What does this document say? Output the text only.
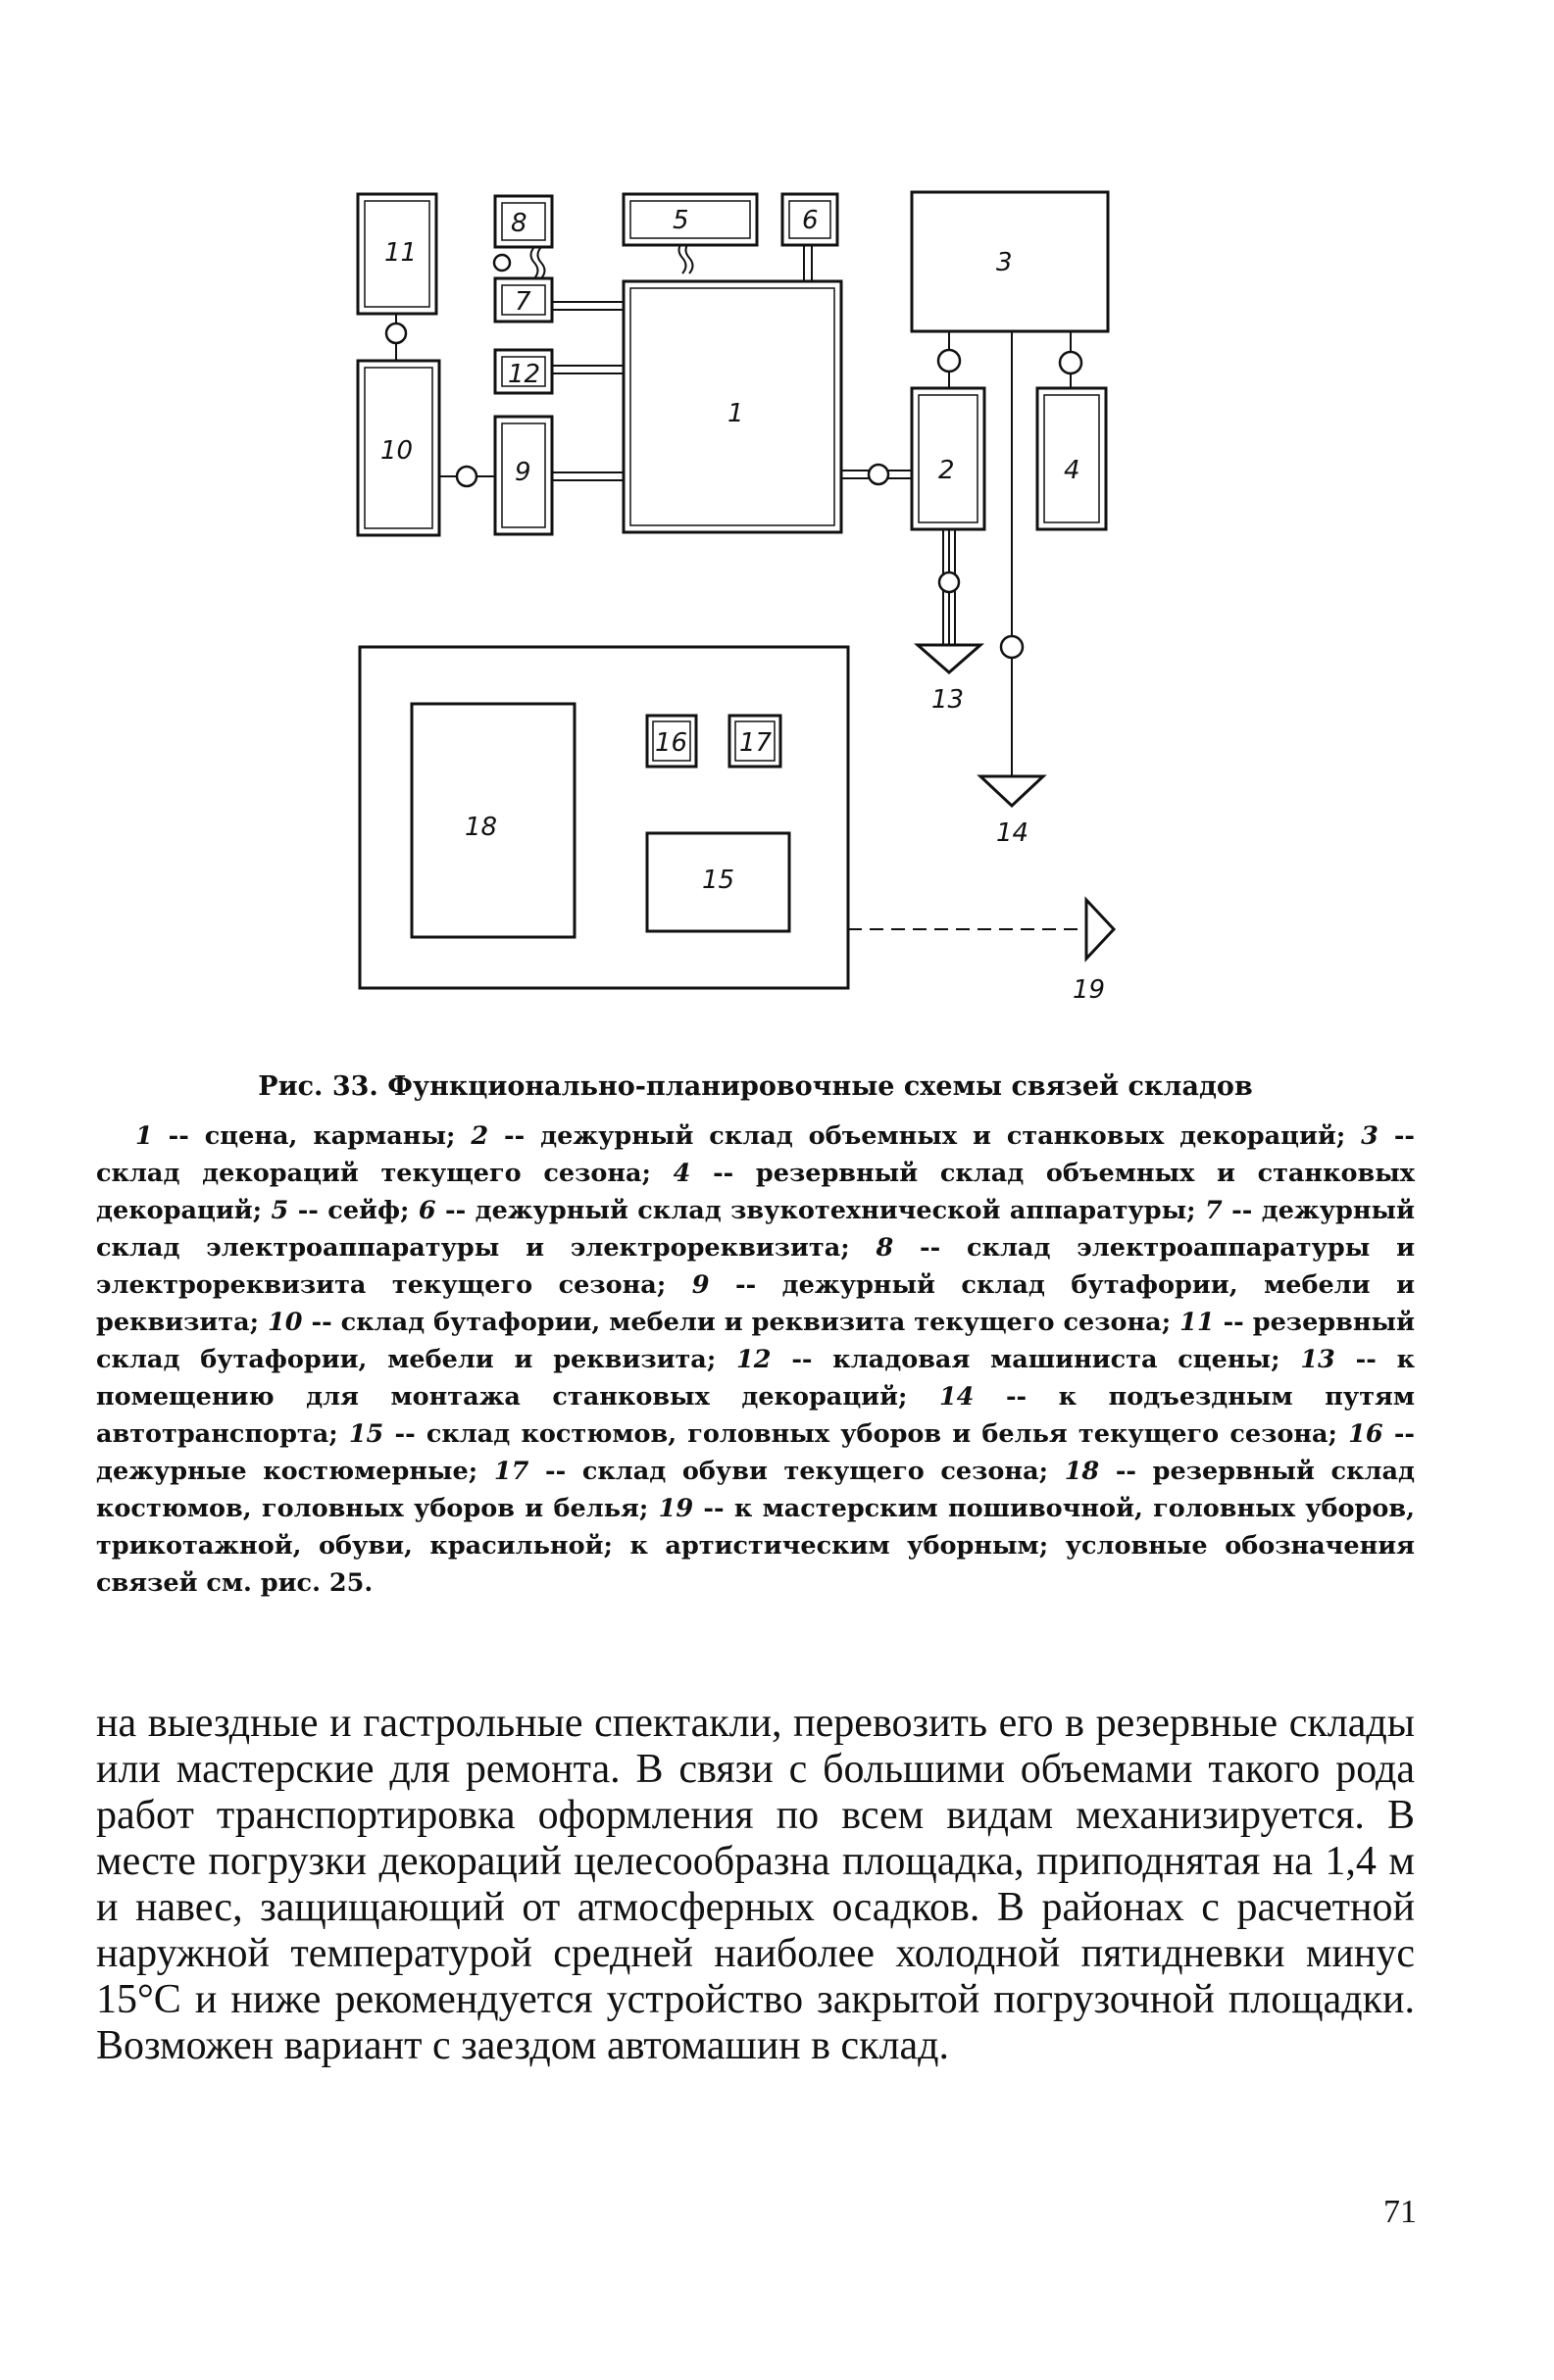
11
10
8
7
12
9
5	6
1
3
2	4
13
14
19
18
16 17
15
Рис. 33. Функционально-планировочные схемы связей складов
1 -- сцена, карманы; 2 -- дежурный склад объемных и станковых декораций; 3 -- склад декораций текущего сезона; 4 -- резервный склад объемных и станковых декораций; 5 -- сейф; 6 -- дежурный склад звукотехнической аппаратуры; 7 -- дежурный склад электроаппаратуры и электрореквизита; 8 -- склад электроаппаратуры и электрореквизита текущего сезона; 9 -- дежурный склад бутафории, мебели и реквизита; 10 -- склад бутафории, мебели и реквизита текущего сезона; 11 -- резервный склад бутафории, мебели и реквизита; 12 -- кладовая машиниста сцены; 13 -- к помещению для монтажа станковых декораций; 14 -- к подъездным путям автотранспорта; 15 -- склад костюмов, головных уборов и белья текущего сезона; 16 -- дежурные костюмерные; 17 -- склад обуви текущего сезона; 18 -- резервный склад костюмов, головных уборов и белья; 19 -- к мастерским пошивочной, головных уборов, трикотажной, обуви, красильной; к артистическим уборным; условные обозначения связей см. рис. 25.
на выездные и гастрольные спектакли, перевозить его в резервные склады или мастерские для ремонта. В связи с большими объемами такого рода работ транспортировка оформления по всем видам механизируется. В месте погрузки декораций целесообразна площадка, приподнятая на 1,4 м и навес, защищающий от атмосферных осадков. В районах с расчетной наружной температурой средней наиболее холодной пятидневки минус 15°С и ниже рекомендуется устройство закрытой погрузочной площадки. Возможен вариант с заездом автомашин в склад.
71
